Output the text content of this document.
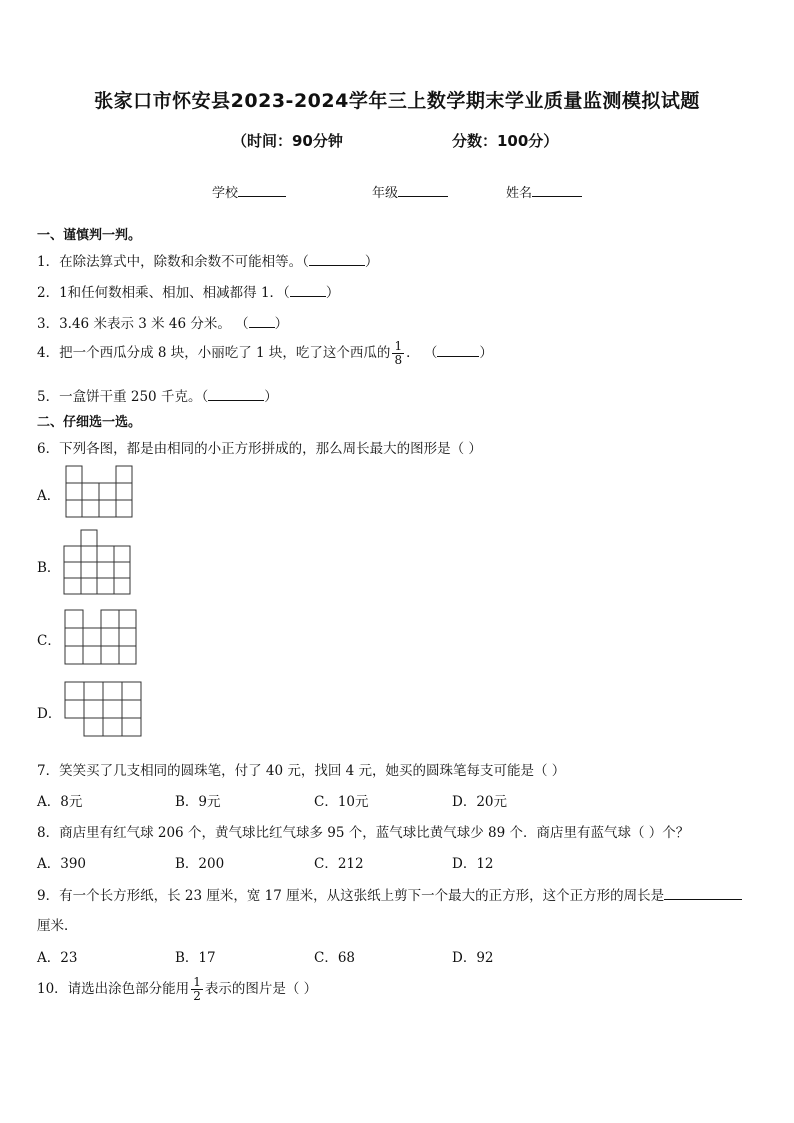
张家口市怀安县2023-2024学年三上数学期末学业质量监测模拟试题
（时间：90分钟	分数：100分）
学校	年级	姓名
一、谨慎判一判。
1．在除法算式中，除数和余数不可能相等。（	）
2．1和任何数相乘、相加、相减都得 1．（	）
3．3.46 米表示 3 米 46 分米。 （ ）
4．把一个西瓜分成 8 块，小丽吃了 1 块，吃了这个西瓜的 $\frac{1}{8}$ ． （	）
5．一盒饼干重 250 千克。（	）
二、仔细选一选。
6．下列各图，都是由相同的小正方形拼成的，那么周长最大的图形是（ ）
A．
B．
C．
D．
7．笑笑买了几支相同的圆珠笔，付了 40 元，找回 4 元，她买的圆珠笔每支可能是（ ）
A．8元	B．9元	C．10元	D．20元
8．商店里有红气球 206 个，黄气球比红气球多 95 个，蓝气球比黄气球少 89 个．商店里有蓝气球（ ）个？
A．390	B．200	C．212	D．12
9．有一个长方形纸，长 23 厘米，宽 17 厘米，从这张纸上剪下一个最大的正方形，这个正方形的周长是
厘米．
A．23	B．17	C．68	D．92
10．请选出涂色部分能用 $\frac{1}{2}$ 表示的图片是（ ）
